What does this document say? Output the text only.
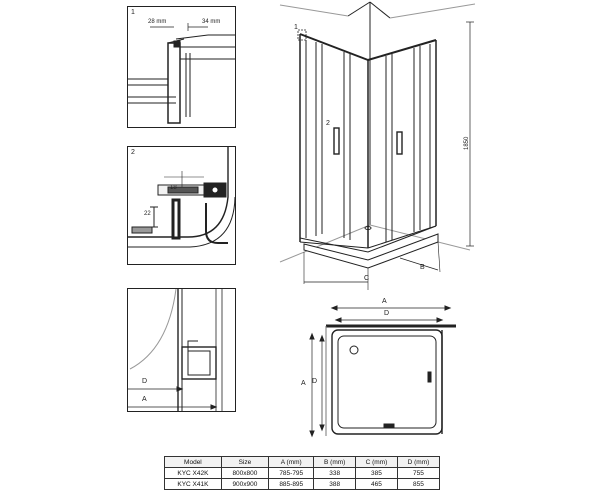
1
28 mm	34 mm
2
18
22
D
A
1
2
1850
B
C
A
D
A D
Model	Size	A (mm)	B (mm)	C (mm)	D (mm)
KYC X42K	800x800	785-795	338	385	755
KYC X41K	900x900	885-895	388	465	855
